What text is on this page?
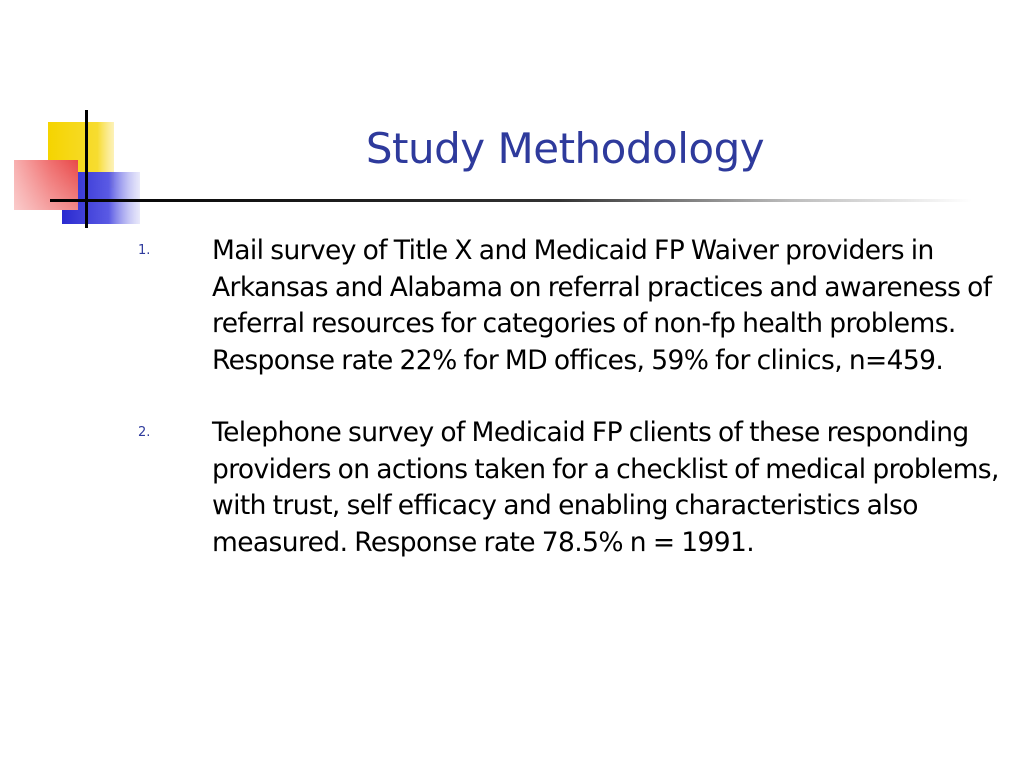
Study Methodology
1. Mail survey of Title X and Medicaid FP Waiver providers in Arkansas and Alabama on referral practices and awareness of referral resources for categories of non-fp health problems. Response rate 22% for MD offices, 59% for clinics, n=459.
2. Telephone survey of Medicaid FP clients of these responding providers on actions taken for a checklist of medical problems, with trust, self efficacy and enabling characteristics also measured. Response rate 78.5% n = 1991.
